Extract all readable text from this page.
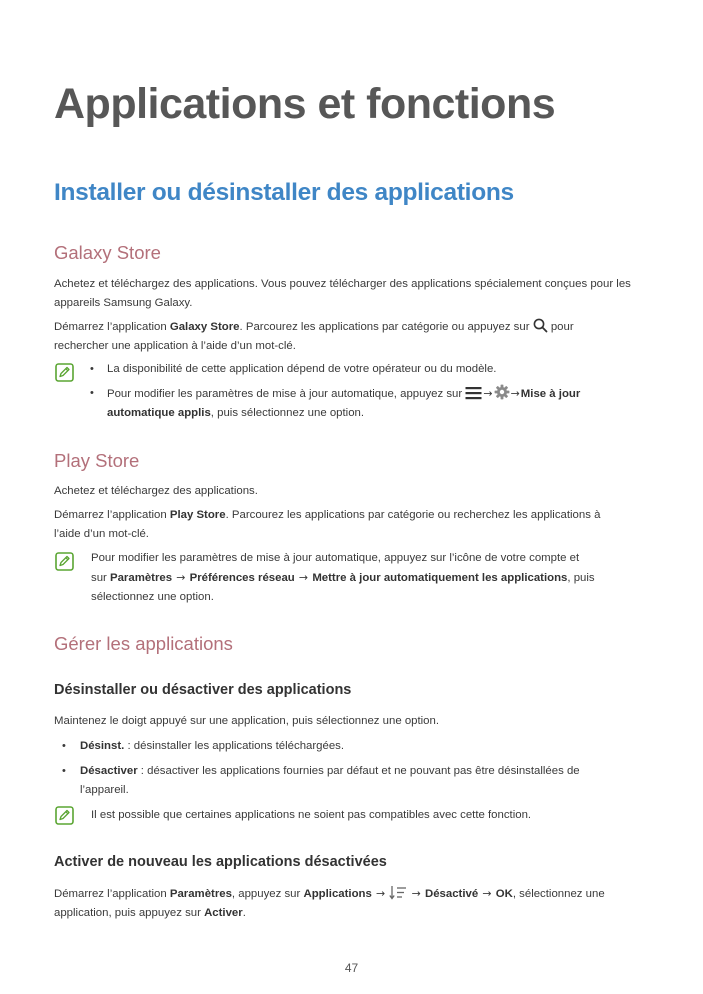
Applications et fonctions
Installer ou désinstaller des applications
Galaxy Store

Achetez et téléchargez des applications. Vous pouvez télécharger des applications spécialement conçues pour les appareils Samsung Galaxy.

Démarrez l’application Galaxy Store. Parcourez les applications par catégorie ou appuyez sur  pour
rechercher une application à l’aide d’un mot-clé.

• La disponibilité de cette application dépend de votre opérateur ou du modèle.

• Pour modifier les paramètres de mise à jour automatique, appuyez sur → →Mise à jour
automatique applis, puis sélectionnez une option.

Play Store

Achetez et téléchargez des applications.

Démarrez l’application Play Store. Parcourez les applications par catégorie ou recherchez les applications à
l’aide d’un mot-clé.

Pour modifier les paramètres de mise à jour automatique, appuyez sur l’icône de votre compte et
sur Paramètres → Préférences réseau → Mettre à jour automatiquement les applications, puis
sélectionnez une option.

Gérer les applications
Désinstaller ou désactiver des applications

Maintenez le doigt appuyé sur une application, puis sélectionnez une option.

• Désinst. : désinstaller les applications téléchargées.

• Désactiver : désactiver les applications fournies par défaut et ne pouvant pas être désinstallées de
l’appareil.

Il est possible que certaines applications ne soient pas compatibles avec cette fonction.

Activer de nouveau les applications désactivées

Démarrez l’application Paramètres, appuyez sur Applications → → Désactivé → OK, sélectionnez une
application, puis appuyez sur Activer.

47
